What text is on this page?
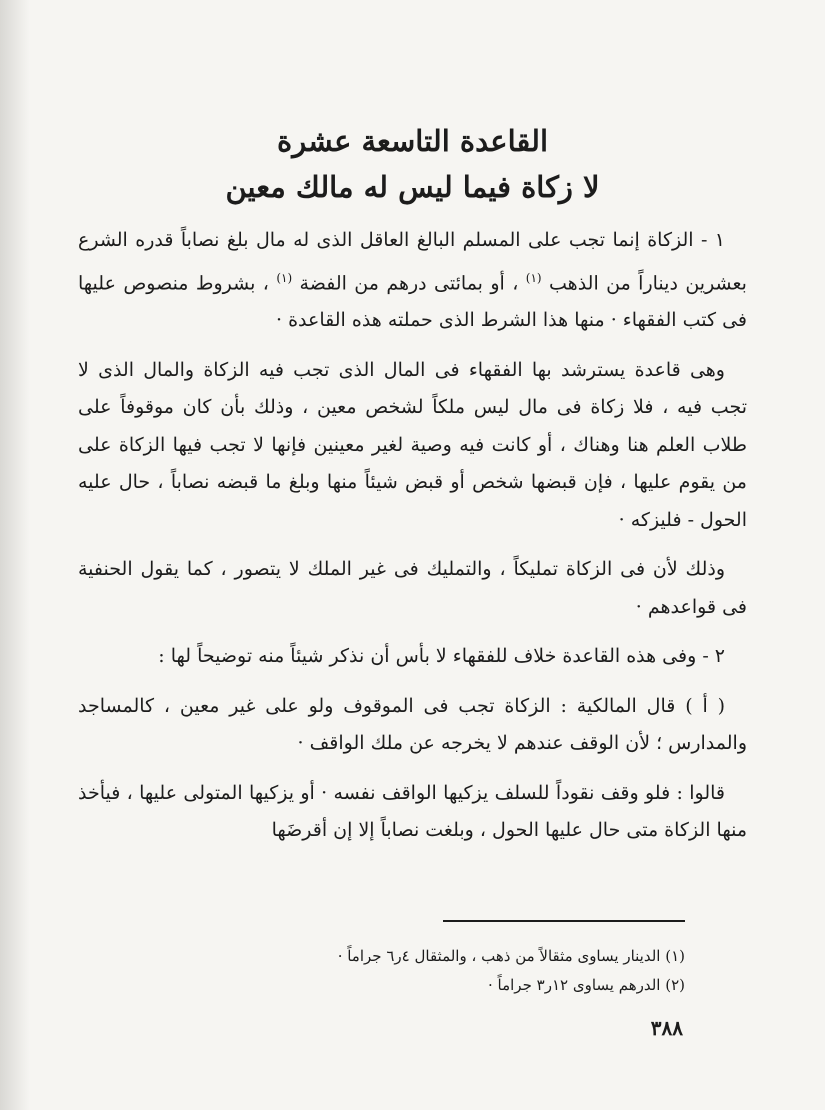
القاعدة التاسعة عشرة
لا زكاة فيما ليس له مالك معين

١ - الزكاة إنما تجب على المسلم البالغ العاقل الذى له مال بلغ نصاباً قدره الشرع بعشرين ديناراً من الذهب $^{(١)}$ ، أو بمائتى درهم من الفضة $^{(١)}$ ، بشروط منصوص عليها فى كتب الفقهاء · منها هذا الشرط الذى حملته هذه القاعدة ·

وهى قاعدة يسترشد بها الفقهاء فى المال الذى تجب فيه الزكاة والمال الذى لا تجب فيه ، فلا زكاة فى مال ليس ملكاً لشخص معين ، وذلك بأن كان موقوفاً على طلاب العلم هنا وهناك ، أو كانت فيه وصية لغير معينين فإنها لا تجب فيها الزكاة على من يقوم عليها ، فإن قبضها شخص أو قبض شيئاً منها وبلغ ما قبضه نصاباً ، حال عليه الحول - فليزكه ·

وذلك لأن فى الزكاة تمليكاً ، والتمليك فى غير الملك لا يتصور ، كما يقول الحنفية فى قواعدهم ·

٢ - وفى هذه القاعدة خلاف للفقهاء لا بأس أن نذكر شيئاً منه توضيحاً لها :

( أ ) قال المالكية : الزكاة تجب فى الموقوف ولو على غير معين ، كالمساجد والمدارس ؛ لأن الوقف عندهم لا يخرجه عن ملك الواقف ·

قالوا : فلو وقف نقوداً للسلف يزكيها الواقف نفسه · أو يزكيها المتولى عليها ، فيأخذ منها الزكاة متى حال عليها الحول ، وبلغت نصاباً إلا إن أقرضَها

(١) الدينار يساوى مثقالاً من ذهب ، والمثقال ٤ر٦ جراماً ·

(٢) الدرهم يساوى ١٢ر٣ جراماً ·

٣٨٨
